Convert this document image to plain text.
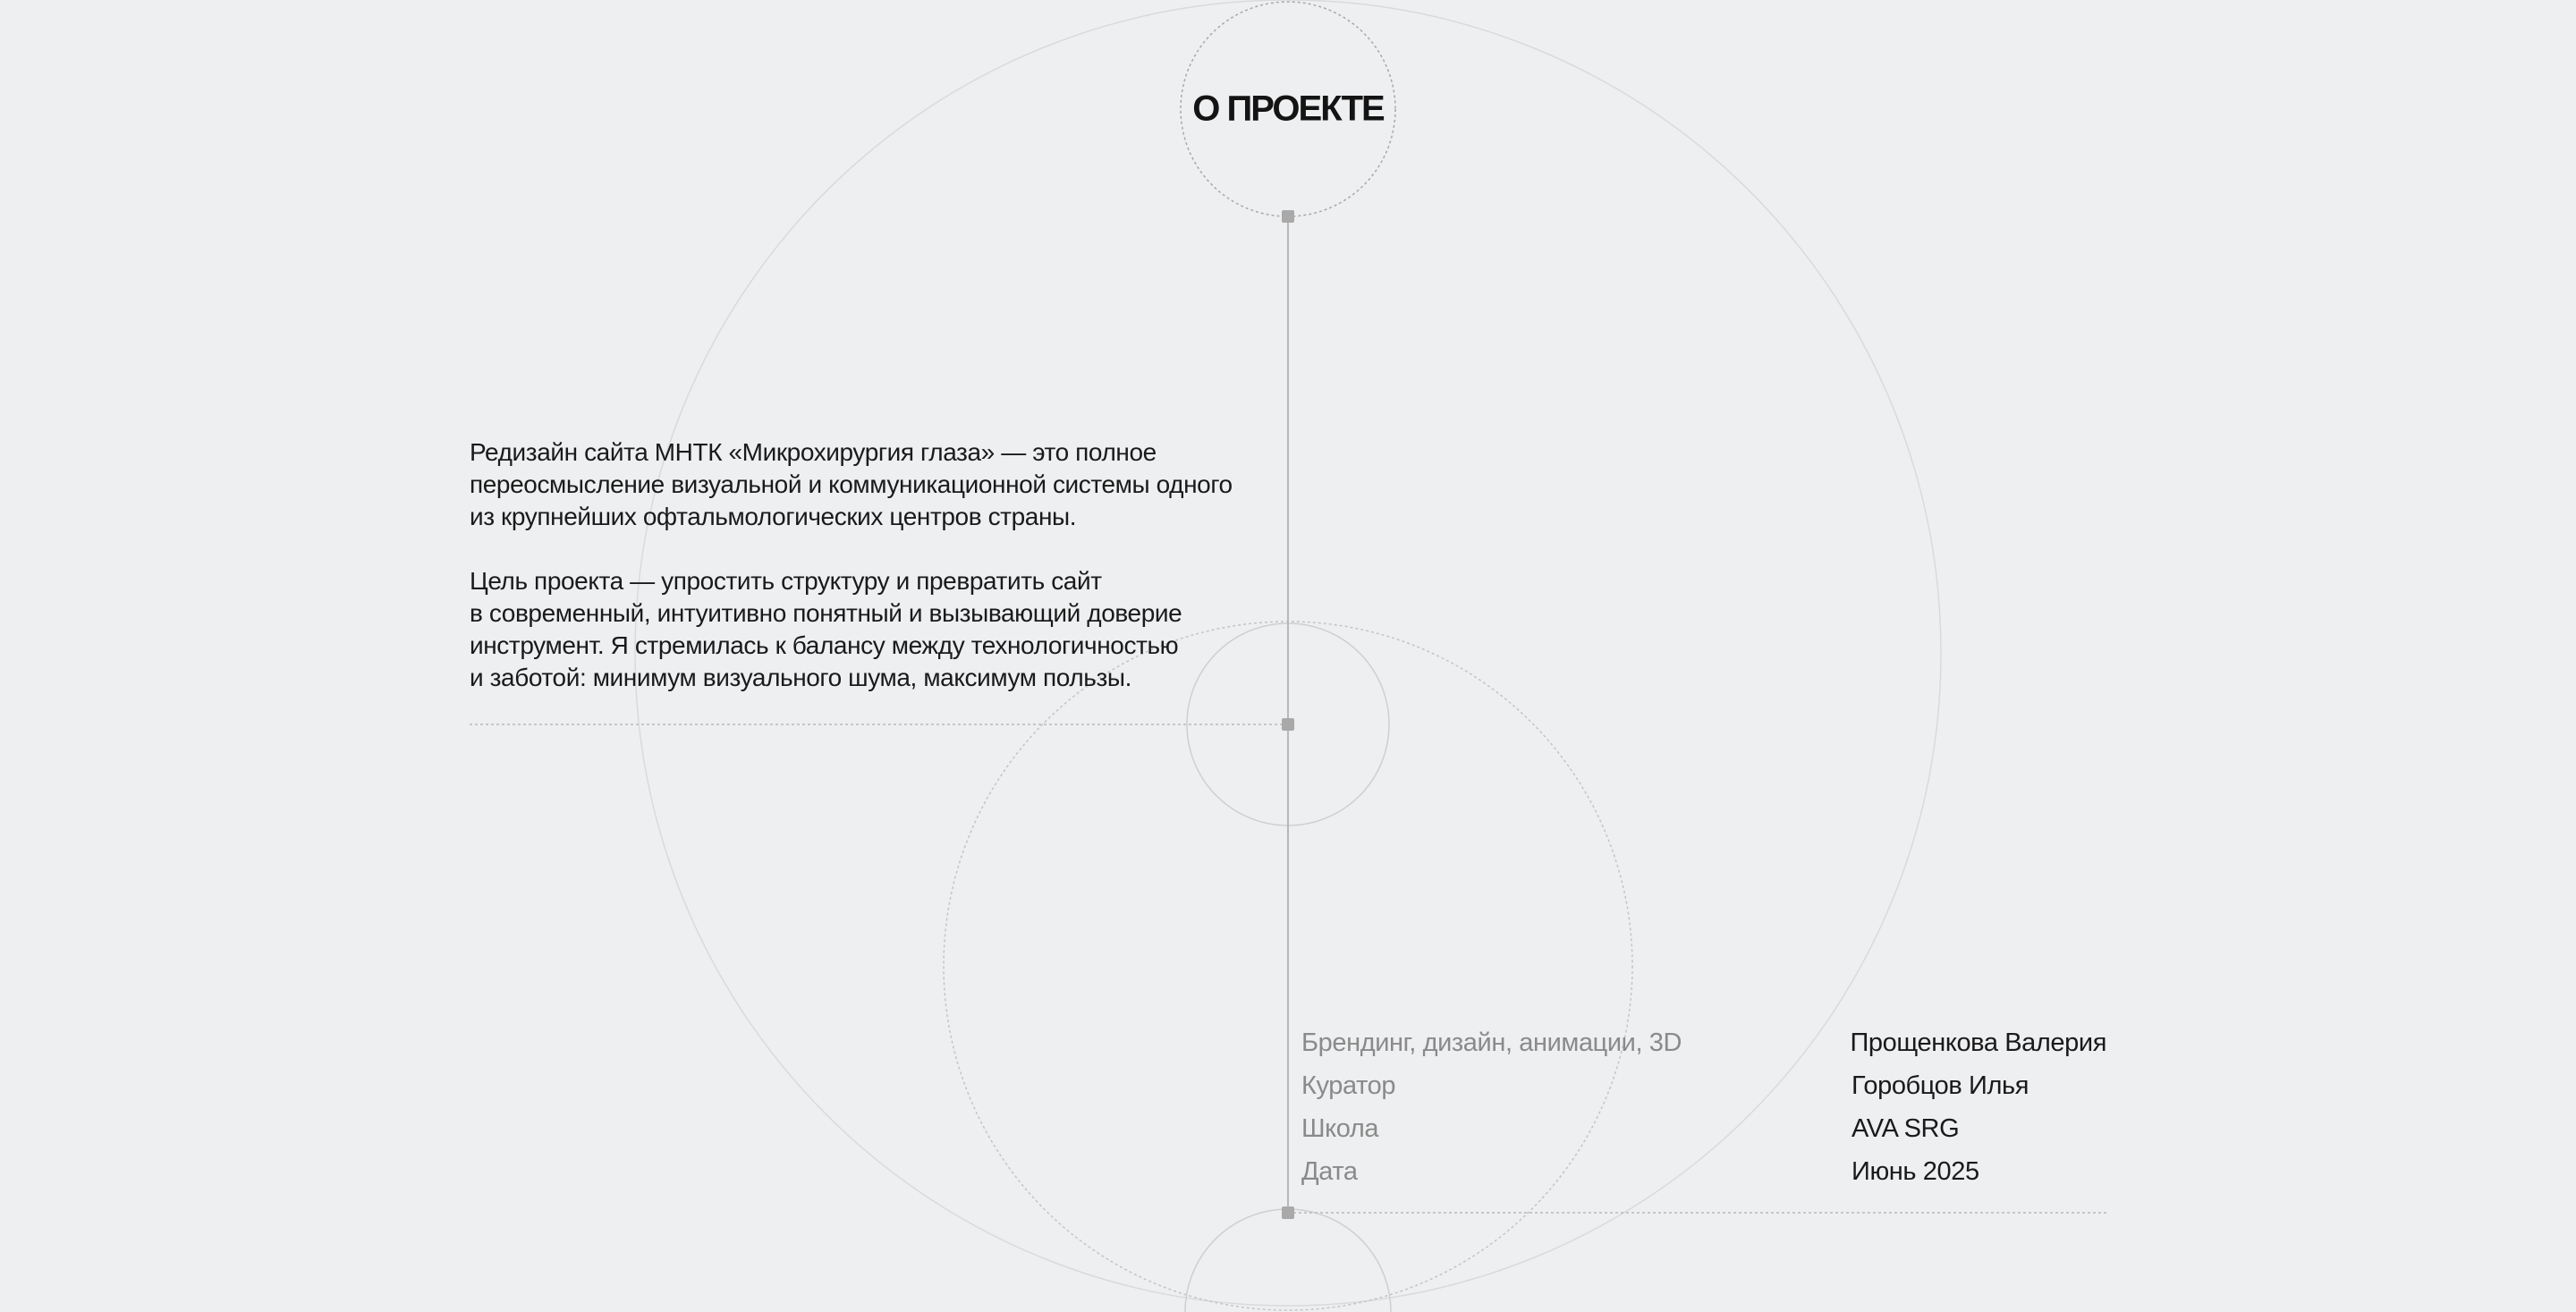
О ПРОЕКТЕ

Редизайн сайта МНТК «Микрохирургия глаза» — это полное
переосмысление визуальной и коммуникационной системы одного
из крупнейших офтальмологических центров страны.

Цель проекта — упростить структуру и превратить сайт
в современный, интуитивно понятный и вызывающий доверие
инструмент. Я стремилась к балансу между технологичностью
и заботой: минимум визуального шума, максимум пользы.

Брендинг, дизайн, анимации, 3D	Прощенкова Валерия
Куратор	Горобцов Илья
Школа	AVA SRG
Дата	Июнь 2025
